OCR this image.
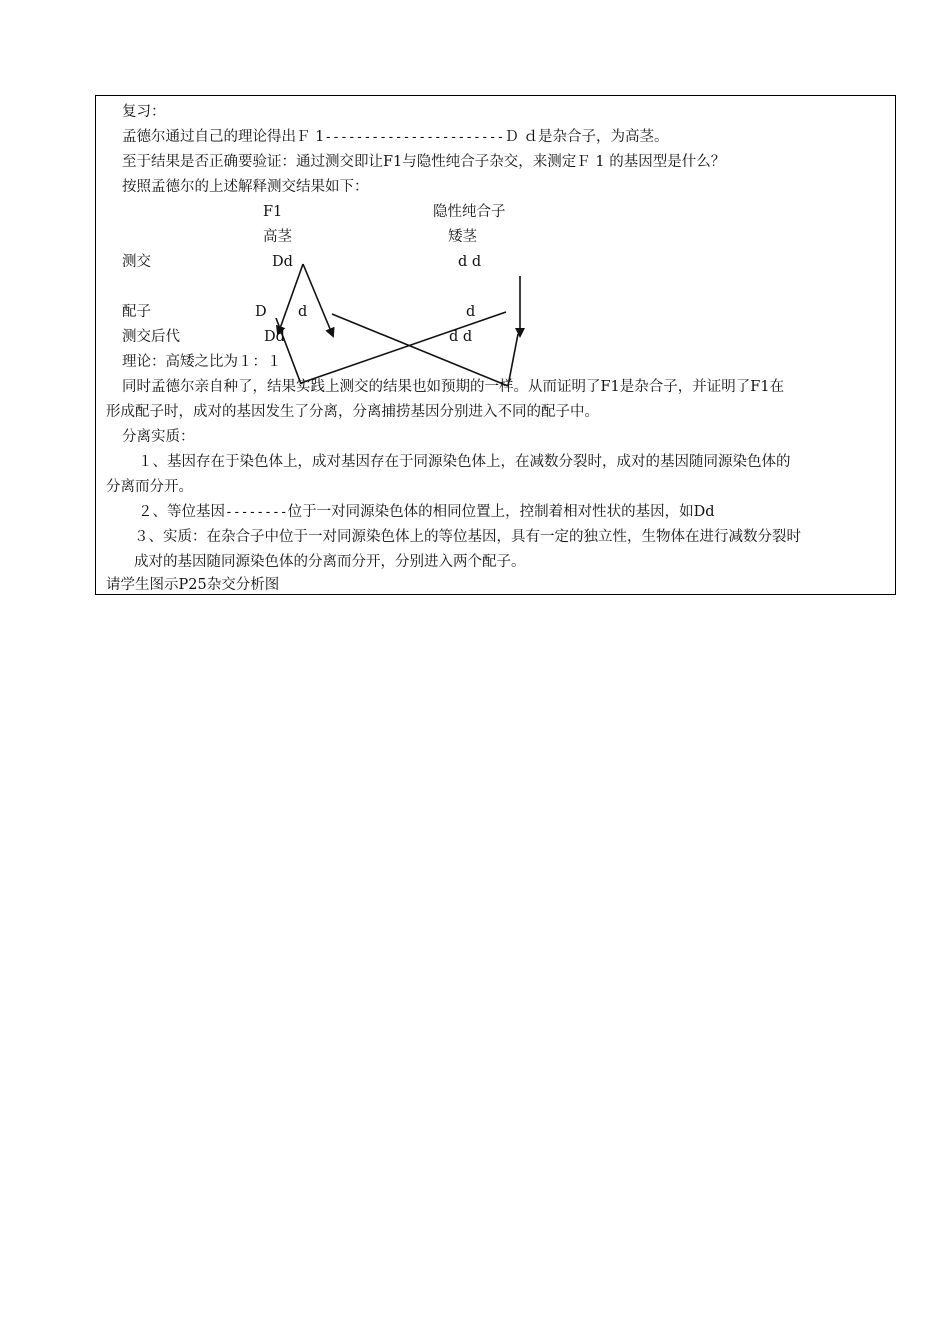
复习：
孟德尔通过自己的理论得出Ｆ 1-----------------------Ｄ ｄ是杂合子，为高茎。
至于结果是否正确要验证：通过测交即让F1与隐性纯合子杂交，来测定Ｆ 1 的基因型是什么？
按照孟德尔的上述解释测交结果如下：
F1	隐性纯合子
高茎	矮茎
测交	Dd	d d
配子	D d	d
测交后代	Dd	d d
理论：高矮之比为１：１
同时孟德尔亲自种了，结果实践上测交的结果也如预期的一样。从而证明了F1是杂合子，并证明了F1在
形成配子时，成对的基因发生了分离，分离捕捞基因分别进入不同的配子中。
分离实质：
１、基因存在于染色体上，成对基因存在于同源染色体上，在减数分裂时，成对的基因随同源染色体的
分离而分开。
２、等位基因--------位于一对同源染色体的相同位置上，控制着相对性状的基因，如Dd
３、实质：在杂合子中位于一对同源染色体上的等位基因，具有一定的独立性，生物体在进行减数分裂时
成对的基因随同源染色体的分离而分开，分别进入两个配子。
请学生图示P25杂交分析图
